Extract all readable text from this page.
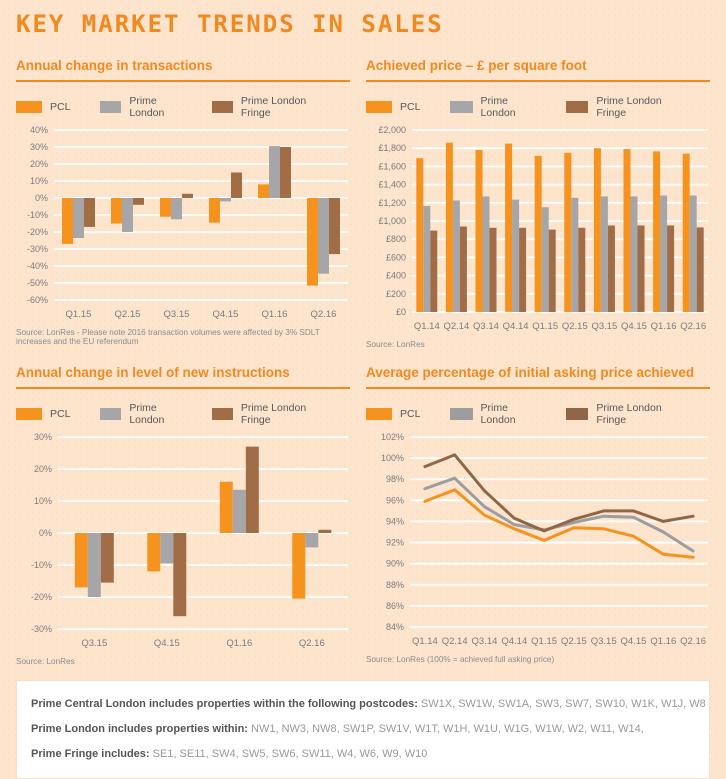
KEY MARKET TRENDS IN SALES
Annual change in transactions
PCL	Prime London
Prime London Fringe
40%
30%
20%
10%
0%
-10%
-20%
-30%
-40%
-50%
-60%
Q1.15 Q2.15 Q3.15 Q4.15 Q1.16 Q2.16
Source: LonRes - Please note 2016 transaction volumes were affected by 3% SDLT increases and the EU referendum
Achieved price – £ per square foot
PCL	Prime London
Prime London Fringe
£2,000
£1,800
£1,600
£1,400
£1,200
£1,000
£800
£600
£400
£200
£0
Q1.14 Q2.14 Q3.14 Q4.14 Q1.15 Q2.15 Q3.15 Q4.15 Q1.16 Q2.16
Source: LonRes
Annual change in level of new instructions
PCL	Prime London
Prime London Fringe
30%
20%
10%
0%
-10%
-20%
-30%
Q3.15	Q4.15	Q1.16	Q2.16
Source: LonRes
Average percentage of initial asking price achieved
PCL	Prime London
Prime London Fringe
102%
100%
98%
96%
94%
92%
90%
88%
86%
84%
Q1.14 Q2.14 Q3.14 Q4.14 Q1.15 Q2.15 Q3.15 Q4.15 Q1.16 Q2.16
Source: LonRes (100% = achieved full asking price)

Prime Central London includes properties within the following postcodes: SW1X, SW1W, SW1A, SW3, SW7, SW10, W1K, W1J, W8

Prime London includes properties within: NW1, NW3, NW8, SW1P, SW1V, W1T, W1H, W1U, W1G, W1W, W2, W11, W14,

Prime Fringe includes: SE1, SE11, SW4, SW5, SW6, SW11, W4, W6, W9, W10
